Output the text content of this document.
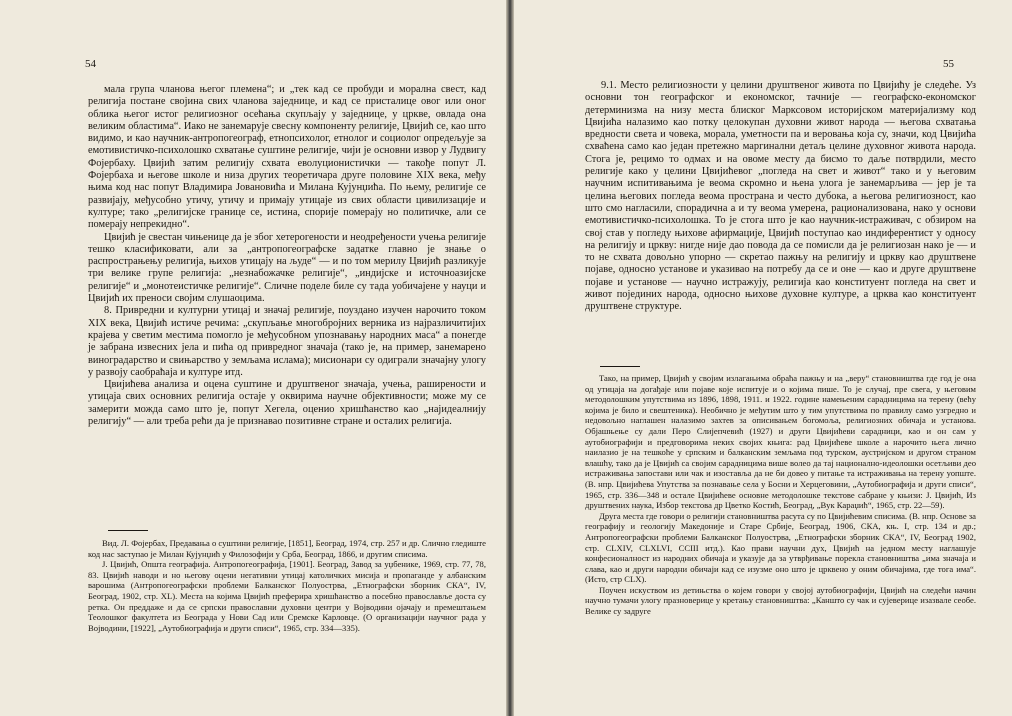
54

мала група чланова његог племена“; и „тек кад се пробуди и морална свест, кад религија постане својина свих чланова заједнице, и кад се присталице овог или оног облика његог истог религиозног осећања скупљају у заједнице, у цркве, овлада она великим областима“. Иако не занемарује свесну компоненту религије, Цвијић се, као што видимо, и као научник-антропогеограф, етнопсихолог, етнолог и социолог опредељује за емотивистичко-психолошко схватање суштине религије, чији је основни извор у Лудвигу Фојербаху. Цвијић затим религију схвата еволуционистички — такође попут Л. Фојербаха и његове школе и низа других теоретичара друге половине XIX века, међу њима код нас попут Владимира Јовановића и Милана Кујунџића. По њему, религије се развијају, међусобно утичу, утичу и примају утицаје из свих области цивилизације и културе; тако „религијске границе се, истина, спорије померају но политичке, али се померају непрекидно“.

Цвијић је свестан чињенице да је због хетерогености и неодређености учења религије тешко класификовати, али за „антропогеографске задатке главно је знање о распрострањењу религија, њихов утицају на људе“ — и по том мерилу Цвијић разликује три велике групе религија: „незнабожачке религије“, „индијске и источноазијске религије“ и „монотеистичке религије“. Сличне поделе биле су тада уобичајене у науци и Цвијић их преноси својим слушаоцима.

8. Привредни и културни утицај и значај религије, поуздано изучен нарочито током XIX века, Цвијић истиче речима: „скупљање многобројних верника из најразличитијих крајева у светим местима помогло је међусобном упознавању народних маса“ а понегде је забрана извесних јела и пића од привредног значаја (тако је, на пример, занемарено виноградарство и свињарство у земљама ислама); мисионари су одиграли значајну улогу у развоју саобраћаја и културе итд.

Цвијићева анализа и оцена суштине и друштвеног значаја, учења, раширености и утицаја свих основних религија остаје у оквирима научне објективности; може му се замерити можда само што је, попут Хегела, оценио хришћанство као „најидеалнију религију“ — али треба рећи да је признавао позитивне стране и осталих религија.

Вид. Л. Фојербах, Предавања о суштини религије, [1851], Београд, 1974, стр. 257 и др. Слично гледиште код нас заступао је Милан Кујунџић у Филозофији у Срба, Београд, 1866, и другим списима.

Ј. Цвијић, Општа географија. Антропогеографија, [1901]. Београд, Завод за уџбенике, 1969, стр. 77, 78, 83. Цвијић наводи и но његову оцени негативни утицај католичких мисија и пропаганде у албанским варошима (Антропогеографски проблеми Балканског Полуострва, „Етнографски зборник СКА“, IV, Београд, 1902, стр. XL). Места на којима Цвијић преферира хришћанство а посебно православље доста су ретка. Он преддаже и да се српски православни духовни центри у Војводини ојачају и премештањем Теолошког факултета из Београда у Нови Сад или Сремске Карловце. (О организацији научног рада у Војводини, [1922], „Аутобиографија и други списи“, 1965, стр. 334—335).

55

9.1. Место религиозности у целини друштвеног живота по Цвијићу је следеће. Уз основни тон географског и економског, тачније — географско-економског детерминизма на низу места блиског Марксовом историјском материјализму код Цвијића налазимо као потку целокупан духовни живот народа — његова схватања вредности света и човека, морала, уметности па и веровања која су, значи, код Цвијића схваћена само као један претежно маргинални детаљ целине духовног живота народа. Стога је, рецимо то одмах и на овоме месту да бисмо то даље потврдили, место религије како у целини Цвијићевог „погледа на свет и живот“ тако и у његовим научним испитивањима је веома скромно и њена улога је занемарљива — јер је та целина његових погледа веома пространа и често дубока, а његова религиозност, као што смо нагласили, спорадична а и ту веома умерена, рационализована, нако у основи емотивистичко-психолошка. То је стога што је као научник-истраживач, с обзиром на свој став у погледу њихове афирмације, Цвијић поступао као индиферентист у односу на религију и цркву: нигде није дао повода да се помисли да је религиозан нако је — и то не схвата довољно упорно — скретао пажњу на религију и цркву као друштвене појаве, односно установе и указивао на потребу да се и оне — као и друге друштвене појаве и установе — научно истражују, религија као конституент погледа на свет и живот појединих народа, односно њихове духовне културе, а црква као конституент друштвене структуре.

Тако, на пример, Цвијић у својим излагањима обраћа пажњу и на „веру“ становништва где год је она од утицаја на догађаје или појаве које испитује и о којима пише. То је случај, пре свега, у његовим методолошким упутствима из 1896, 1898, 1911. и 1922. године намењеним сарадницима на терену (већу којима је било и свештеника). Необично је међутим што у тим упутствима по правилу само узгредно и недовољно наглашен налазимо захтев за описивањем богомоља, религиозних обичаја и установа. Објашњење су дали Перо Слијепчевић (1927) и други Цвијићеви сарадници, као и он сам у аутобиографији и предговорима неких својих књига: рад Цвијићеве школе а нарочито њега лично наилазио је на тешкоће у српским и балканским земљама под турском, аустријском и другом страном влашћу, тако да је Цвијић са својим сарадницима више волео да тај национално-идеолошки осетљиви део истраживања запостави или чак и изоставља да не би довео у питање та истраживања на терену уопште. (В. нпр. Цвијићева Упутства за познавање села у Босни и Херцеговини, „Аутобиографија и други списи“, 1965, стр. 336—348 и остале Цвијићеве основне методолошке текстове сабране у књизи: Ј. Цвијић, Из друштвених наука, Избор текстова др Цветко Костић, Београд, „Вук Караџић“, 1965, стр. 22—59).

Друга места где говори о религији становништва расута су по Цвијићевим списима. (В. нпр. Основе за географију и геологију Македоније и Старе Србије, Београд, 1906, СКА, књ. I, стр. 134 и др.; Антропогеографски проблеми Балканског Полуострва, „Етнографски зборник СКА“, IV, Београд 1902, стр. CLXIV, CLXLVI, CCIII итд.). Као прави научни дух, Цвијић на једном месту наглашује конфесионалност из народних обичаја и указује да за утврђивање порекла становништва „има значаја и слава, као и други народни обичаји кад се изузме оно што је црквено у оним обичајима, где тога има“. (Исто, стр CLX).

Поучен искуством из детињства о којем говори у својој аутобиографији, Цвијић на следећи начин научно тумачи улогу празноверице у кретању становништва: „Каншто су чак и сујеверице изазвале сеобе. Велике су задруге
